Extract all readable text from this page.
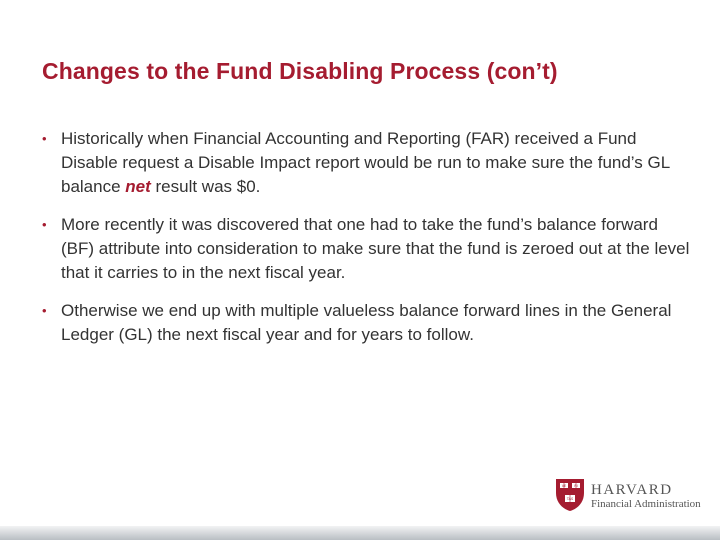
Changes to the Fund Disabling Process (con’t)
• Historically when Financial Accounting and Reporting (FAR) received a Fund Disable request a Disable Impact report would be run to make sure the fund’s GL balance net result was $0.
• More recently it was discovered that one had to take the fund’s balance forward (BF) attribute into consideration to make sure that the fund is zeroed out at the level that it carries to in the next fiscal year.
• Otherwise we end up with multiple valueless balance forward lines in the General Ledger (GL) the next fiscal year and for years to follow.
VE RI
TAS
HARVARD
Financial Administration
